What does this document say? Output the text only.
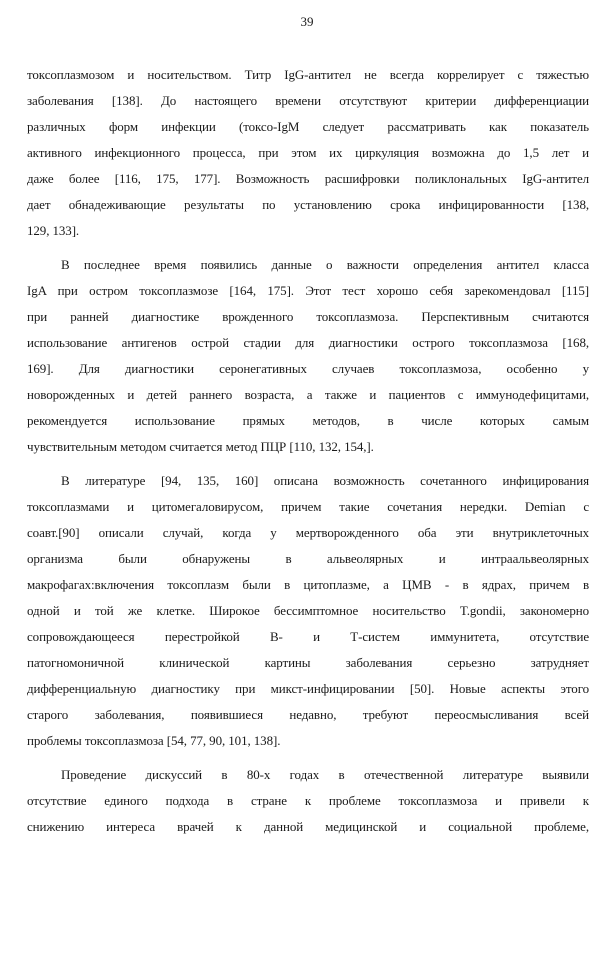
39
токсоплазмозом и носительством. Титр IgG-антител не всегда коррелирует с тяжестью
заболевания [138]. До настоящего времени отсутствуют критерии дифференциации
различных форм инфекции (токсо-IgM следует рассматривать как показатель
активного инфекционного процесса, при этом их циркуляция возможна до 1,5 лет и
даже более [116, 175, 177]. Возможность расшифровки поликлональных IgG-антител
дает обнадеживающие результаты по установлению срока инфицированности [138,
129, 133].
В последнее время появились данные о важности определения антител класса
IgA при остром токсоплазмозе [164, 175]. Этот тест хорошо себя зарекомендовал [115]
при ранней диагностике врожденного токсоплазмоза. Перспективным считаются
использование антигенов острой стадии для диагностики острого токсоплазмоза [168,
169]. Для диагностики серонегативных случаев токсоплазмоза, особенно у
новорожденных и детей раннего возраста, а также и пациентов с иммунодефицитами,
рекомендуется использование прямых методов, в числе которых самым
чувствительным методом считается метод ПЦР [110, 132, 154,].
В литературе [94, 135, 160] описана возможность сочетанного инфицирования
токсоплазмами и цитомегаловирусом, причем такие сочетания нередки. Demian с
соавт.[90] описали случай, когда у мертворожденного оба эти внутриклеточных
организма были обнаружены в альвеолярных и интраальвеолярных
макрофагах:включения токсоплазм были в цитоплазме, а ЦМВ - в ядрах, причем в
одной и той же клетке. Широкое бессимптомное носительство T.gondii, закономерно
сопровождающееся перестройкой В- и Т-систем иммунитета, отсутствие
патогномоничной клинической картины заболевания серьезно затрудняет
дифференциальную диагностику при микст-инфицировании [50]. Новые аспекты этого
старого заболевания, появившиеся недавно, требуют переосмысливания всей
проблемы токсоплазмоза [54, 77, 90, 101, 138].
Проведение дискуссий в 80-х годах в отечественной литературе выявили
отсутствие единого подхода в стране к проблеме токсоплазмоза и привели к
снижению интереса врачей к данной медицинской и социальной проблеме,
